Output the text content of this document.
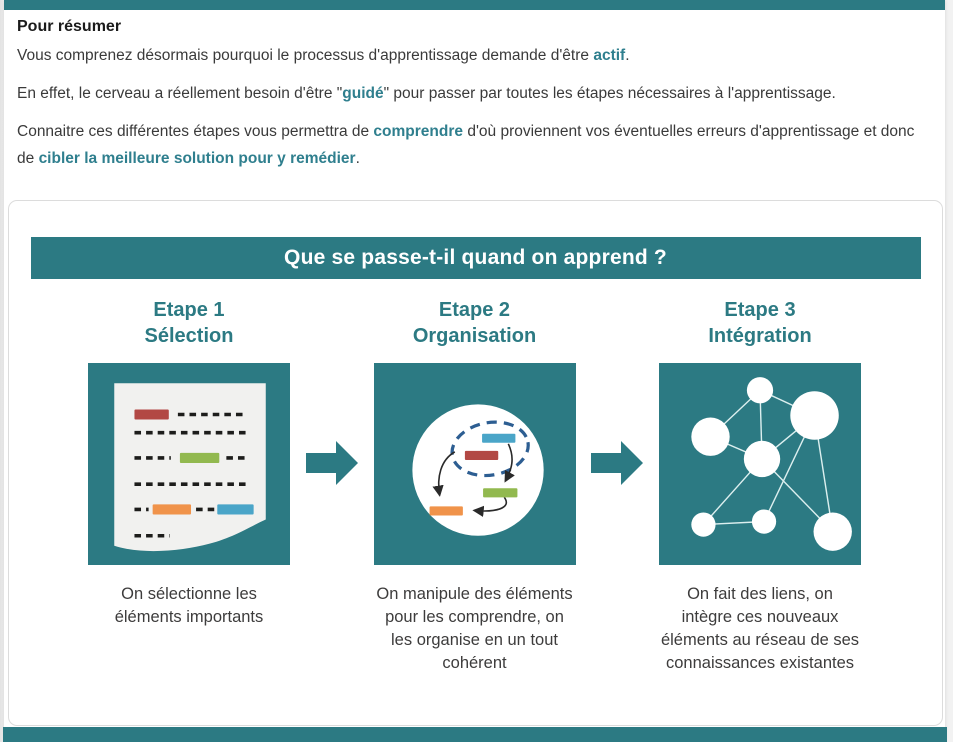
Pour résumer

Vous comprenez désormais pourquoi le processus d'apprentissage demande d'être actif.

En effet, le cerveau a réellement besoin d'être "guidé" pour passer par toutes les étapes nécessaires à l'apprentissage.

Connaitre ces différentes étapes vous permettra de comprendre d'où proviennent vos éventuelles erreurs d'apprentissage et donc de cibler la meilleure solution pour y remédier.

Que se passe-t-il quand on apprend ?
Etape 1
Sélection
On sélectionne les éléments importants
Etape 2
Organisation
On manipule des éléments pour les comprendre, on les organise en un tout cohérent
Etape 3
Intégration
On fait des liens, on intègre ces nouveaux éléments au réseau de ses connaissances existantes
